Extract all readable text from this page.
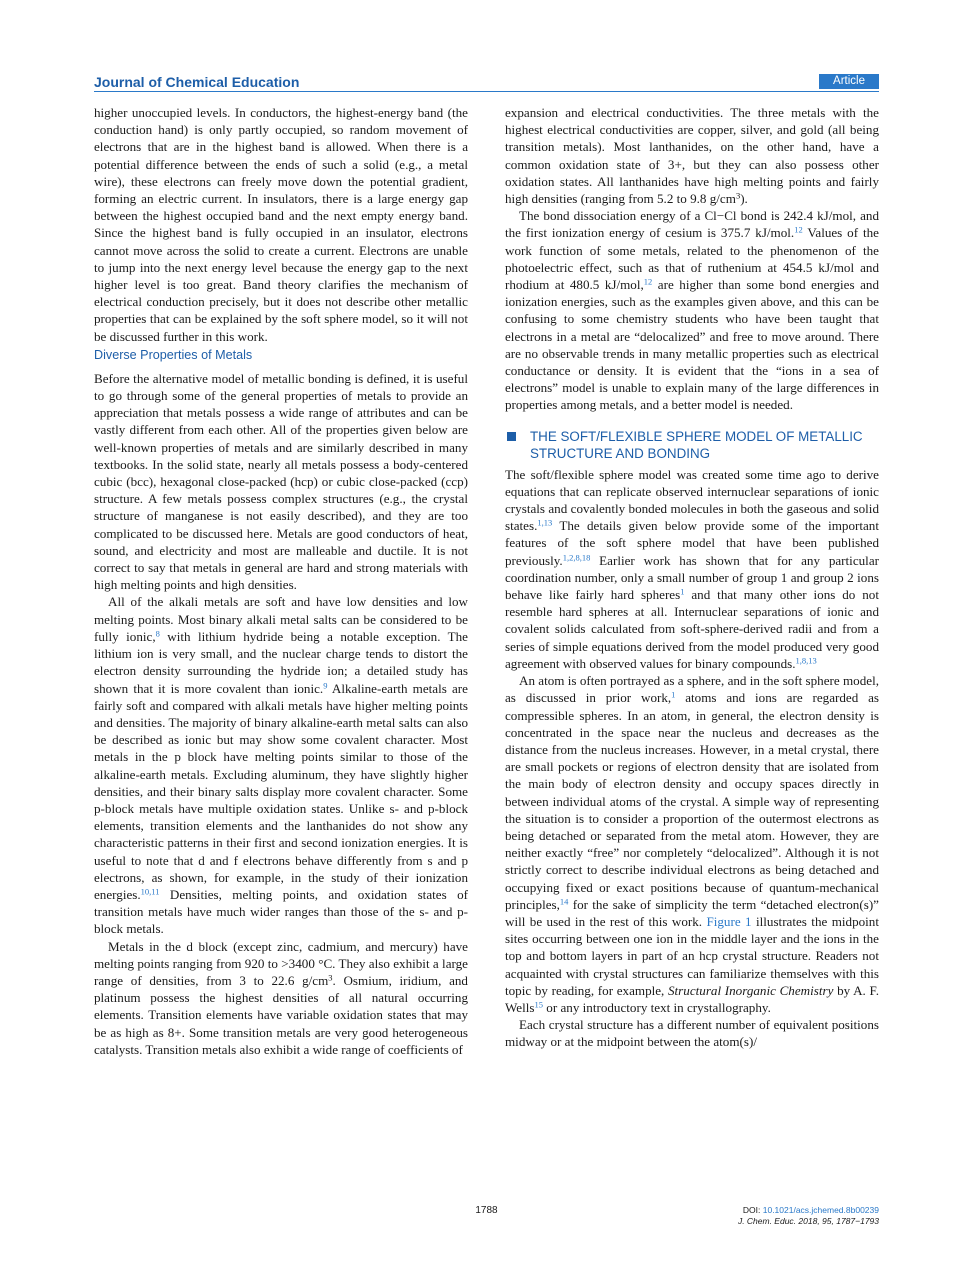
Journal of Chemical Education	Article

higher unoccupied levels. In conductors, the highest-energy band (the conduction hand) is only partly occupied, so random movement of electrons that are in the highest band is allowed. When there is a potential difference between the ends of such a solid (e.g., a metal wire), these electrons can freely move down the potential gradient, forming an electric current. In insulators, there is a large energy gap between the highest occupied band and the next empty energy band. Since the highest band is fully occupied in an insulator, electrons cannot move across the solid to create a current. Electrons are unable to jump into the next energy level because the energy gap to the next higher level is too great. Band theory clarifies the mechanism of electrical conduction precisely, but it does not describe other metallic properties that can be explained by the soft sphere model, so it will not be discussed further in this work.

Diverse Properties of Metals

Before the alternative model of metallic bonding is defined, it is useful to go through some of the general properties of metals to provide an appreciation that metals possess a wide range of attributes and can be vastly different from each other. All of the properties given below are well-known properties of metals and are similarly described in many textbooks. In the solid state, nearly all metals possess a body-centered cubic (bcc), hexagonal close-packed (hcp) or cubic close-packed (ccp) structure. A few metals possess complex structures (e.g., the crystal structure of manganese is not easily described), and they are too complicated to be discussed here. Metals are good conductors of heat, sound, and electricity and most are malleable and ductile. It is not correct to say that metals in general are hard and strong materials with high melting points and high densities.

All of the alkali metals are soft and have low densities and low melting points. Most binary alkali metal salts can be considered to be fully ionic,$^8$ with lithium hydride being a notable exception. The lithium ion is very small, and the nuclear charge tends to distort the electron density surrounding the hydride ion; a detailed study has shown that it is more covalent than ionic.$^9$ Alkaline-earth metals are fairly soft and compared with alkali metals have higher melting points and densities. The majority of binary alkaline-earth metal salts can also be described as ionic but may show some covalent character. Most metals in the p block have melting points similar to those of the alkaline-earth metals. Excluding aluminum, they have slightly higher densities, and their binary salts display more covalent character. Some p-block metals have multiple oxidation states. Unlike s- and p-block elements, transition elements and the lanthanides do not show any characteristic patterns in their first and second ionization energies. It is useful to note that d and f electrons behave differently from s and p electrons, as shown, for example, in the study of their ionization energies.$^{10,11}$ Densities, melting points, and oxidation states of transition metals have much wider ranges than those of the s- and p-block metals.

Metals in the d block (except zinc, cadmium, and mercury) have melting points ranging from 920 to >3400 °C. They also exhibit a large range of densities, from 3 to 22.6 $g/cm^3$. Osmium, iridium, and platinum possess the highest densities of all natural occurring elements. Transition elements have variable oxidation states that may be as high as 8+. Some transition metals are very good heterogeneous catalysts. Transition metals also exhibit a wide range of coefficients of

expansion and electrical conductivities. The three metals with the highest electrical conductivities are copper, silver, and gold (all being transition metals). Most lanthanides, on the other hand, have a common oxidation state of 3+, but they can also possess other oxidation states. All lanthanides have high melting points and fairly high densities (ranging from 5.2 to 9.8 $g/cm^3$).

The bond dissociation energy of a Cl−Cl bond is 242.4 kJ/mol, and the first ionization energy of cesium is 375.7 kJ/mol.$^{12}$ Values of the work function of some metals, related to the phenomenon of the photoelectric effect, such as that of ruthenium at 454.5 kJ/mol and rhodium at 480.5 kJ/mol,$^{12}$ are higher than some bond energies and ionization energies, such as the examples given above, and this can be confusing to some chemistry students who have been taught that electrons in a metal are “delocalized” and free to move around. There are no observable trends in many metallic properties such as electrical conductance or density. It is evident that the “ions in a sea of electrons” model is unable to explain many of the large differences in properties among metals, and a better model is needed.

THE SOFT/FLEXIBLE SPHERE MODEL OF METALLIC STRUCTURE AND BONDING

The soft/flexible sphere model was created some time ago to derive equations that can replicate observed internuclear separations of ionic crystals and covalently bonded molecules in both the gaseous and solid states.$^{1,13}$ The details given below provide some of the important features of the soft sphere model that have been published previously.$^{1,2,8,18}$ Earlier work has shown that for any particular coordination number, only a small number of group 1 and group 2 ions behave like fairly hard spheres$^1$ and that many other ions do not resemble hard spheres at all. Internuclear separations of ionic and covalent solids calculated from soft-sphere-derived radii and from a series of simple equations derived from the model produced very good agreement with observed values for binary compounds.$^{1,8,13}$

An atom is often portrayed as a sphere, and in the soft sphere model, as discussed in prior work,$^1$ atoms and ions are regarded as compressible spheres. In an atom, in general, the electron density is concentrated in the space near the nucleus and decreases as the distance from the nucleus increases. However, in a metal crystal, there are small pockets or regions of electron density that are isolated from the main body of electron density and occupy spaces directly in between individual atoms of the crystal. A simple way of representing the situation is to consider a proportion of the outermost electrons as being detached or separated from the metal atom. However, they are neither exactly “free” nor completely “delocalized”. Although it is not strictly correct to describe individual electrons as being detached and occupying fixed or exact positions because of quantum-mechanical principles,$^{14}$ for the sake of simplicity the term “detached electron(s)” will be used in the rest of this work. Figure 1 illustrates the midpoint sites occurring between one ion in the middle layer and the ions in the top and bottom layers in part of an hcp crystal structure. Readers not acquainted with crystal structures can familiarize themselves with this topic by reading, for example, Structural Inorganic Chemistry by A. F. Wells$^{15}$ or any introductory text in crystallography.

Each crystal structure has a different number of equivalent positions midway or at the midpoint between the atom(s)/

1788	DOI: 10.1021/acs.jchemed.8b00239
J. Chem. Educ. 2018, 95, 1787−1793
